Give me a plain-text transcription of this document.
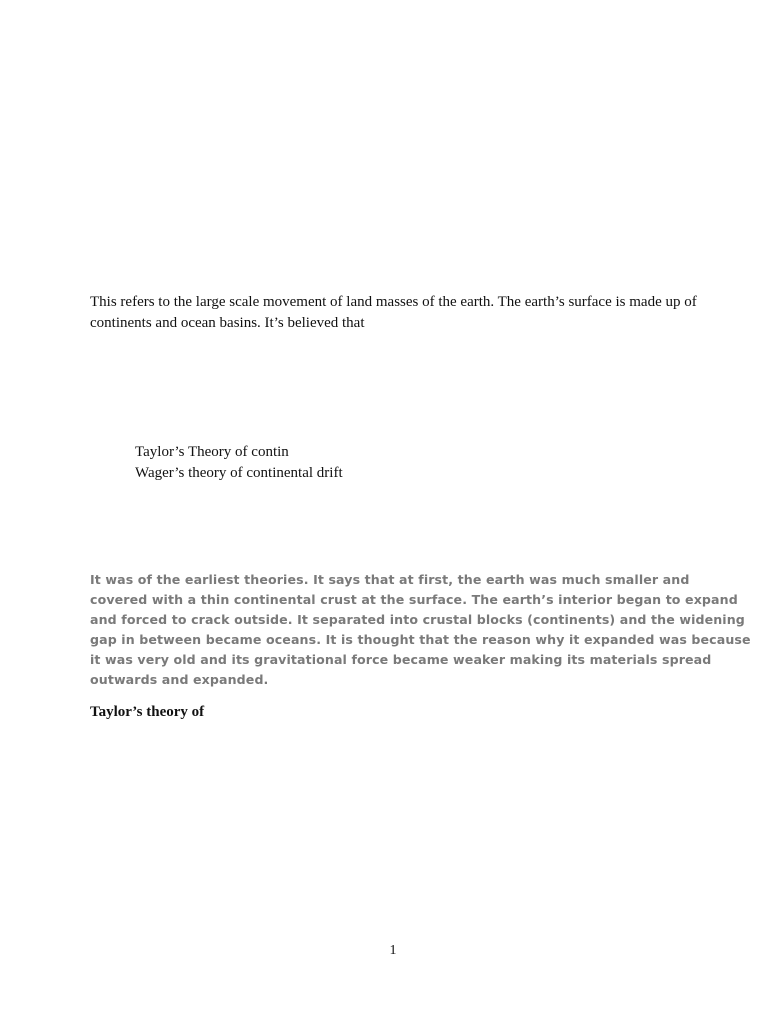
This refers to the large scale movement of land masses of the earth. The earth’s surface is made up of continents and ocean basins. It’s believed that

Taylor’s Theory of contin
Wager’s theory of continental drift

It was of the earliest theories. It says that at first, the earth was much smaller and
covered with a thin continental crust at the surface. The earth’s interior began to expand
and forced to crack outside. It separated into crustal blocks (continents) and the widening
gap in between became oceans. It is thought that the reason why it expanded was because
it was very old and its gravitational force became weaker making its materials spread
outwards and expanded.

Taylor’s theory of
1
